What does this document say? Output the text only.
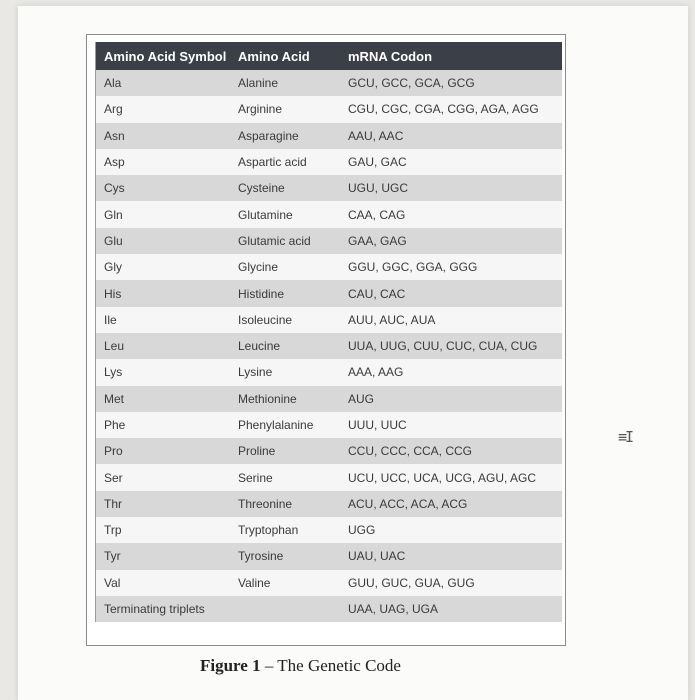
Amino Acid Symbol	Amino Acid	mRNA Codon
Ala	Alanine	GCU, GCC, GCA, GCG
Arg	Arginine	CGU, CGC, CGA, CGG, AGA, AGG
Asn	Asparagine	AAU, AAC
Asp	Aspartic acid	GAU, GAC
Cys	Cysteine	UGU, UGC
Gln	Glutamine	CAA, CAG
Glu	Glutamic acid	GAA, GAG
Gly	Glycine	GGU, GGC, GGA, GGG
His	Histidine	CAU, CAC
Ile	Isoleucine	AUU, AUC, AUA
Leu	Leucine	UUA, UUG, CUU, CUC, CUA, CUG
Lys	Lysine	AAA, AAG
Met	Methionine	AUG
Phe	Phenylalanine	UUU, UUC
Pro	Proline	CCU, CCC, CCA, CCG
Ser	Serine	UCU, UCC, UCA, UCG, AGU, AGC
Thr	Threonine	ACU, ACC, ACA, ACG
Trp	Tryptophan	UGG
Tyr	Tyrosine	UAU, UAC
Val	Valine	GUU, GUC, GUA, GUG
Terminating triplets		UAA, UAG, UGA
Figure 1 – The Genetic Code
≡I
